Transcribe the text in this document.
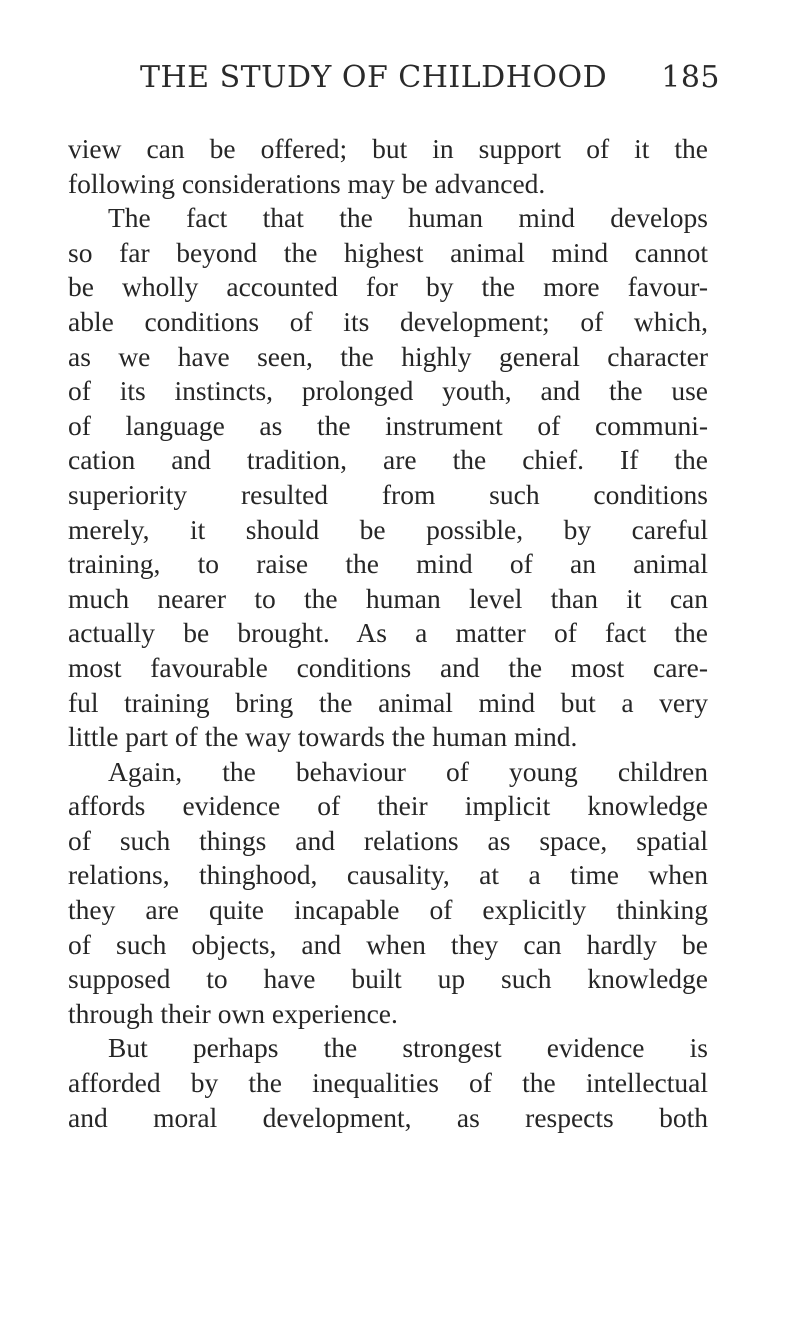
THE STUDY OF CHILDHOOD 185
view can be offered; but in support of it the
following considerations may be advanced.
The fact that the human mind develops
so far beyond the highest animal mind cannot
be wholly accounted for by the more favour-
able conditions of its development; of which,
as we have seen, the highly general character
of its instincts, prolonged youth, and the use
of language as the instrument of communi-
cation and tradition, are the chief. If the
superiority resulted from such conditions
merely, it should be possible, by careful
training, to raise the mind of an animal
much nearer to the human level than it can
actually be brought. As a matter of fact the
most favourable conditions and the most care-
ful training bring the animal mind but a very
little part of the way towards the human mind.
Again, the behaviour of young children
affords evidence of their implicit knowledge
of such things and relations as space, spatial
relations, thinghood, causality, at a time when
they are quite incapable of explicitly thinking
of such objects, and when they can hardly be
supposed to have built up such knowledge
through their own experience.
But perhaps the strongest evidence is
afforded by the inequalities of the intellectual
and moral development, as respects both
